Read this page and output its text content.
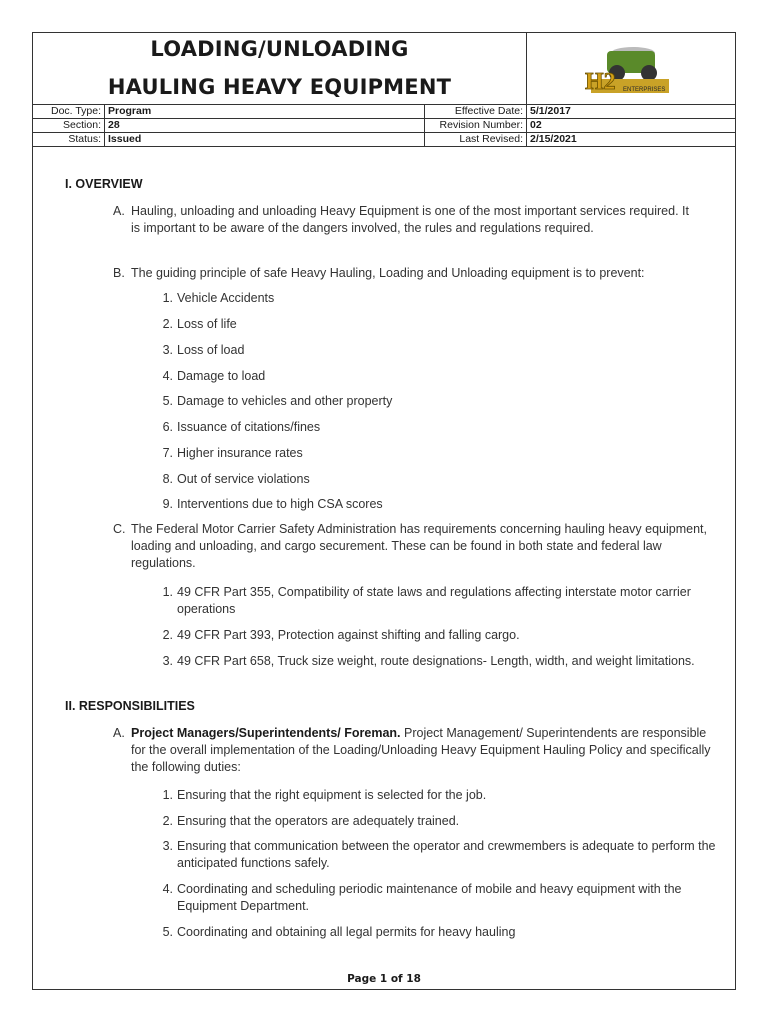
LOADING/UNLOADING
HAULING HEAVY EQUIPMENT	H2 ENTERPRISES
Doc. Type: Program	Effective Date: 5/1/2017
Section: 28	Revision Number: 02
Status: Issued	Last Revised: 2/15/2021
I. OVERVIEW
A. Hauling, unloading and unloading Heavy Equipment is one of the most important services required. It is important to be aware of the dangers involved, the rules and regulations required.
B. The guiding principle of safe Heavy Hauling, Loading and Unloading equipment is to prevent:
1. Vehicle Accidents
2. Loss of life
3. Loss of load
4. Damage to load
5. Damage to vehicles and other property
6. Issuance of citations/fines
7. Higher insurance rates
8. Out of service violations
9. Interventions due to high CSA scores
C. The Federal Motor Carrier Safety Administration has requirements concerning hauling heavy equipment, loading and unloading, and cargo securement. These can be found in both state and federal law regulations.
1. 49 CFR Part 355, Compatibility of state laws and regulations affecting interstate motor carrier operations
2. 49 CFR Part 393, Protection against shifting and falling cargo.
3. 49 CFR Part 658, Truck size weight, route designations- Length, width, and weight limitations.
II. RESPONSIBILITIES
A. Project Managers/Superintendents/ Foreman. Project Management/ Superintendents are responsible for the overall implementation of the Loading/Unloading Heavy Equipment Hauling Policy and specifically the following duties:
1. Ensuring that the right equipment is selected for the job.
2. Ensuring that the operators are adequately trained.
3. Ensuring that communication between the operator and crewmembers is adequate to perform the anticipated functions safely.
4. Coordinating and scheduling periodic maintenance of mobile and heavy equipment with the Equipment Department.
5. Coordinating and obtaining all legal permits for heavy hauling
Page 1 of 18
